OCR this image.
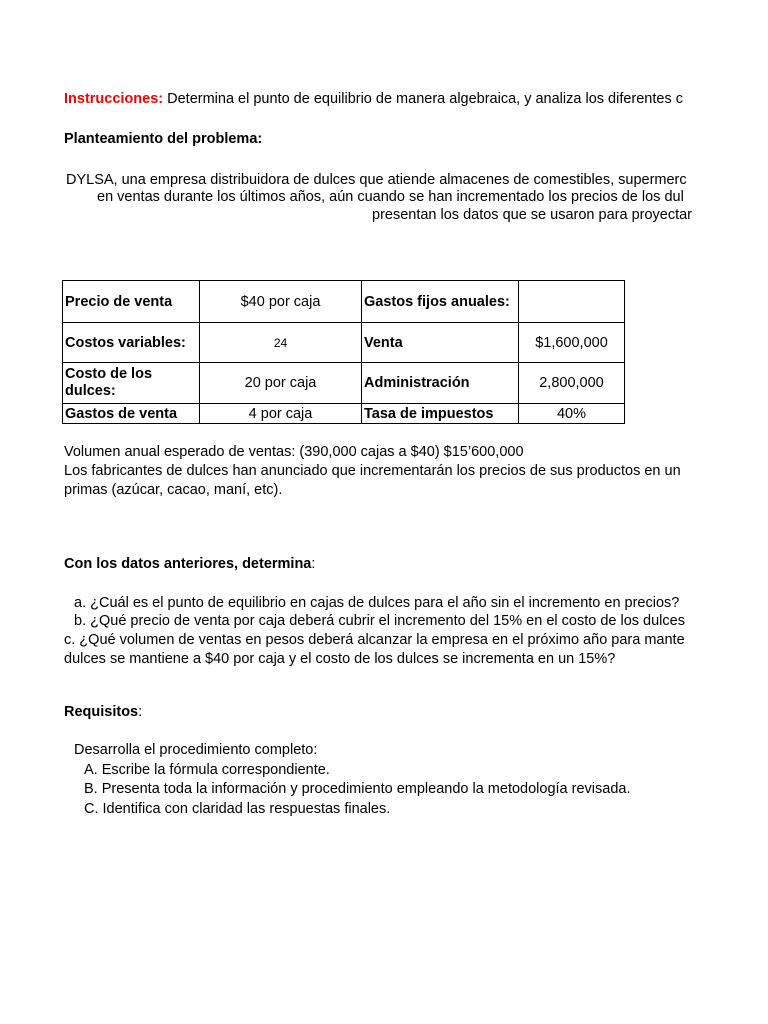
Instrucciones: Determina el punto de equilibrio de manera algebraica, y analiza los diferentes c

Planteamiento del problema:
DYLSA, una empresa distribuidora de dulces que atiende almacenes de comestibles, supermerc

en ventas durante los últimos años, aún cuando se han incrementado los precios de los dul

presentan los datos que se usaron para proyectar

Precio de venta	$40 por caja	Gastos fijos anuales:	
Costos variables:	24	Venta	$1,600,000
Costo de los dulces:	20 por caja	Administración	2,800,000
Gastos de venta	4 por caja	Tasa de impuestos	40%
Volumen anual esperado de ventas: (390,000 cajas a $40) $15’600,000
Los fabricantes de dulces han anunciado que incrementarán los precios de sus productos en un

primas (azúcar, cacao, maní, etc).
Con los datos anteriores, determina:
a. ¿Cuál es el punto de equilibrio en cajas de dulces para el año sin el incremento en precios?

b. ¿Qué precio de venta por caja deberá cubrir el incremento del 15% en el costo de los dulces

c. ¿Qué volumen de ventas en pesos deberá alcanzar la empresa en el próximo año para mante

dulces se mantiene a $40 por caja y el costo de los dulces se incrementa en un 15%?
Requisitos:
Desarrolla el procedimiento completo:
A. Escribe la fórmula correspondiente.
B. Presenta toda la información y procedimiento empleando la metodología revisada.
C. Identifica con claridad las respuestas finales.
